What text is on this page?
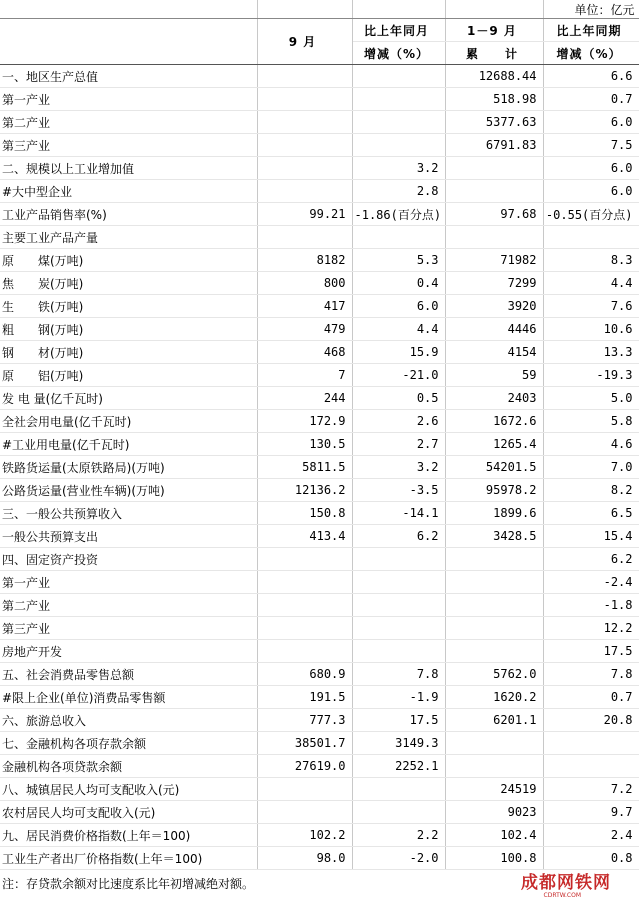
				单位：亿元
	9 月	比上年同月	1－9 月	比上年同期
		增减（%）	累　　计	增减（%）
一、地区生产总值			12688.44	6.6
第一产业			518.98	0.7
第二产业			5377.63	6.0
第三产业			6791.83	7.5
二、规模以上工业增加值		3.2		6.0
#大中型企业		2.8		6.0
工业产品销售率(%)	99.21	-1.86(百分点)	97.68	-0.55(百分点)
主要工业产品产量				
原　　煤(万吨)	8182	5.3	71982	8.3
焦　　炭(万吨)	800	0.4	7299	4.4
生　　铁(万吨)	417	6.0	3920	7.6
粗　　钢(万吨)	479	4.4	4446	10.6
钢　　材(万吨)	468	15.9	4154	13.3
原　　铝(万吨)	7	-21.0	59	-19.3
发 电 量(亿千瓦时)	244	0.5	2403	5.0
全社会用电量(亿千瓦时)	172.9	2.6	1672.6	5.8
#工业用电量(亿千瓦时)	130.5	2.7	1265.4	4.6
铁路货运量(太原铁路局)(万吨)	5811.5	3.2	54201.5	7.0
公路货运量(营业性车辆)(万吨)	12136.2	-3.5	95978.2	8.2
三、一般公共预算收入	150.8	-14.1	1899.6	6.5
一般公共预算支出	413.4	6.2	3428.5	15.4
四、固定资产投资				6.2
第一产业				-2.4
第二产业				-1.8
第三产业				12.2
房地产开发				17.5
五、社会消费品零售总额	680.9	7.8	5762.0	7.8
#限上企业(单位)消费品零售额	191.5	-1.9	1620.2	0.7
六、旅游总收入	777.3	17.5	6201.1	20.8
七、金融机构各项存款余额	38501.7	3149.3		
金融机构各项贷款余额	27619.0	2252.1		
八、城镇居民人均可支配收入(元)			24519	7.2
农村居民人均可支配收入(元)			9023	9.7
九、居民消费价格指数(上年＝100)	102.2	2.2	102.4	2.4
工业生产者出厂价格指数(上年＝100)	98.0	-2.0	100.8	0.8
注：存贷款余额对比速度系比年初增减绝对额。					成都网铁网
CDRTW.COM
